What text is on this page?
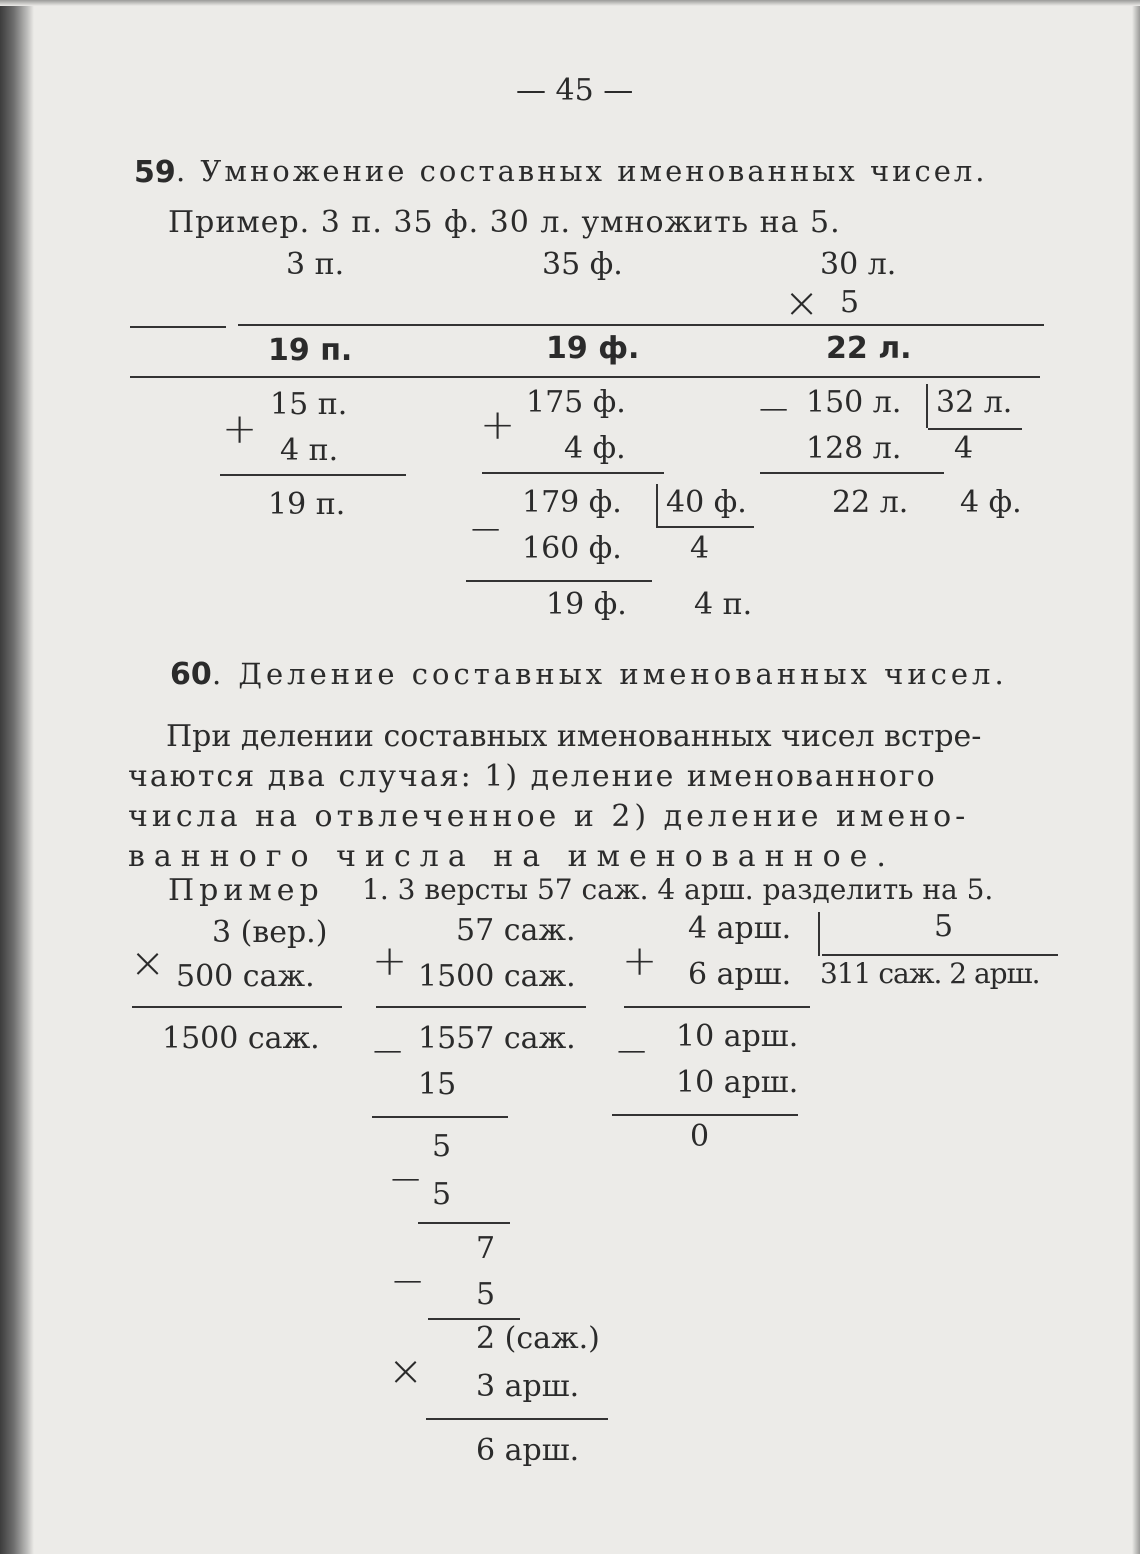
— 45 —
59 . Умножение составных именованных чисел.
Пример. 3 п. 35 ф. 30 л. умножить на 5.
3 п.	35 ф.	30 л.
× 5
19 п.	19 ф.	22 л.
+ 15 п.
4 п.
19 п.
+ 175 ф.
4 ф.
179 ф. 40 ф.
− 160 ф. 4
19 ф. 4 п.
− 150 л. 32 л.
128 л. 4
22 л. 4 ф.
60 . Деление составных именованных чисел.
При делении составных именованных чисел встре-
чаются два случая: 1) деление именованного
числа на отвлеченное и 2) деление имено-
ванного числа на именованное.
Пример 1. 3 версты 57 саж. 4 арш. разделить на 5.
3 (вер.)
× 500 саж.
1500 саж.
57 саж.
+ 1500 саж.
− 1557 саж.
15
5
− 5
7
− 5
2 (саж.)
× 3 арш.
6 арш.
4 арш.
+ 6 арш.
− 10 арш.
10 арш.
0
5
311 саж. 2 арш.
